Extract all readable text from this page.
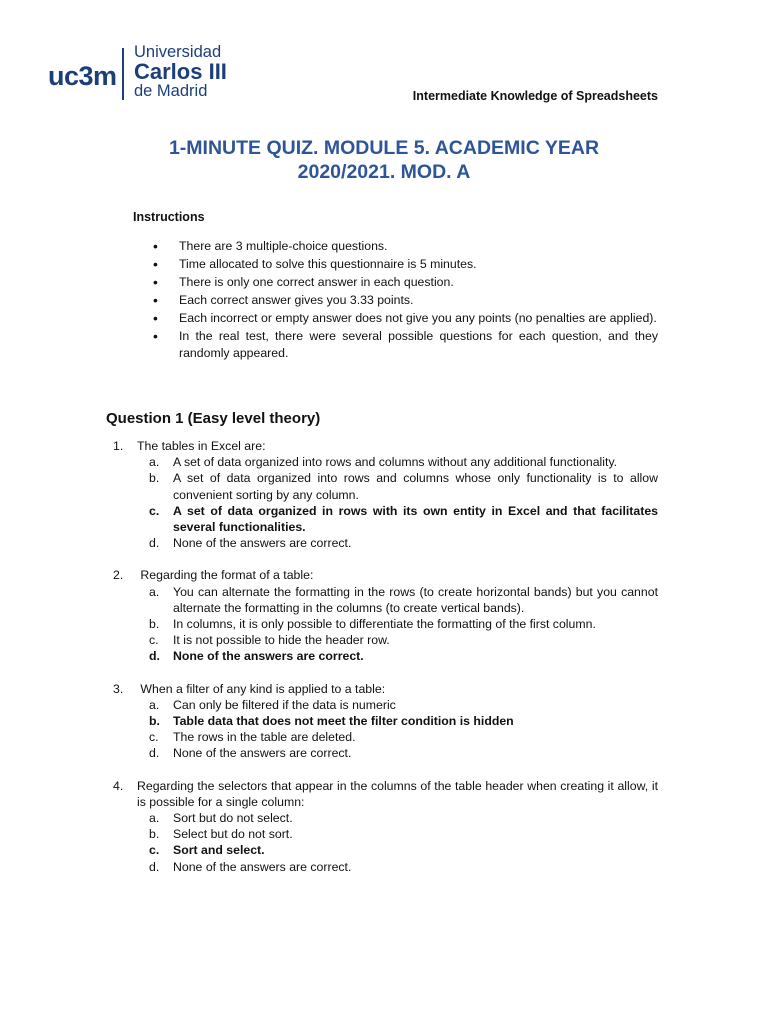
uc3m
Universidad
Carlos III
de Madrid	Intermediate Knowledge of Spreadsheets
1-MINUTE QUIZ. MODULE 5. ACADEMIC YEAR
2020/2021. MOD. A
Instructions
• There are 3 multiple-choice questions.
• Time allocated to solve this questionnaire is 5 minutes.
• There is only one correct answer in each question.
• Each correct answer gives you 3.33 points.
• Each incorrect or empty answer does not give you any points (no penalties are applied).
• In the real test, there were several possible questions for each question, and they randomly appeared.
Question 1 (Easy level theory)
1. The tables in Excel are:
a. A set of data organized into rows and columns without any additional functionality.
b. A set of data organized into rows and columns whose only functionality is to allow convenient sorting by any column.
c. A set of data organized in rows with its own entity in Excel and that facilitates several functionalities.
d. None of the answers are correct.
2. Regarding the format of a table:
a. You can alternate the formatting in the rows (to create horizontal bands) but you cannot alternate the formatting in the columns (to create vertical bands).
b. In columns, it is only possible to differentiate the formatting of the first column.
c. It is not possible to hide the header row.
d. None of the answers are correct.
3. When a filter of any kind is applied to a table:
a. Can only be filtered if the data is numeric
b. Table data that does not meet the filter condition is hidden
c. The rows in the table are deleted.
d. None of the answers are correct.
4. Regarding the selectors that appear in the columns of the table header when creating it allow, it is possible for a single column:
a. Sort but do not select.
b. Select but do not sort.
c. Sort and select.
d. None of the answers are correct.
